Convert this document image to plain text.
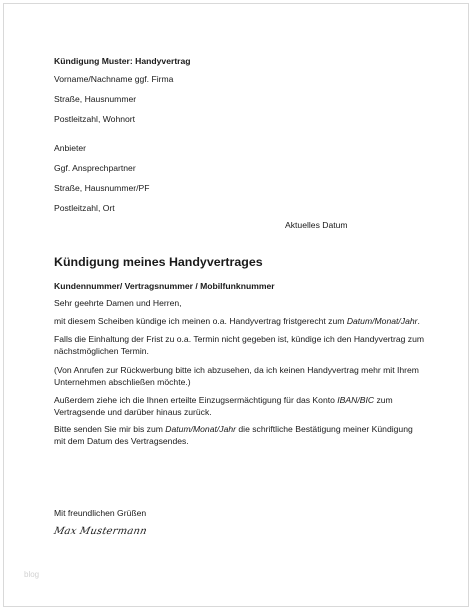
Kündigung Muster: Handyvertrag
Vorname/Nachname ggf. Firma
Straße, Hausnummer
Postleitzahl, Wohnort
Anbieter
Ggf. Ansprechpartner
Straße, Hausnummer/PF
Postleitzahl, Ort
Aktuelles Datum
Kündigung meines Handyvertrages
Kundennummer/ Vertragsnummer / Mobilfunknummer
Sehr geehrte Damen und Herren,
mit diesem Scheiben kündige ich meinen o.a. Handyvertrag fristgerecht zum Datum/Monat/Jahr.
Falls die Einhaltung der Frist zu o.a. Termin nicht gegeben ist, kündige ich den Handyvertrag zum nächstmöglichen Termin.
(Von Anrufen zur Rückwerbung bitte ich abzusehen, da ich keinen Handyvertrag mehr mit Ihrem Unternehmen abschließen möchte.)
Außerdem ziehe ich die Ihnen erteilte Einzugsermächtigung für das Konto IBAN/BIC zum Vertragsende und darüber hinaus zurück.
Bitte senden Sie mir bis zum Datum/Monat/Jahr die schriftliche Bestätigung meiner Kündigung mit dem Datum des Vertragsendes.
Mit freundlichen Grüßen
Max Mustermann
blog
